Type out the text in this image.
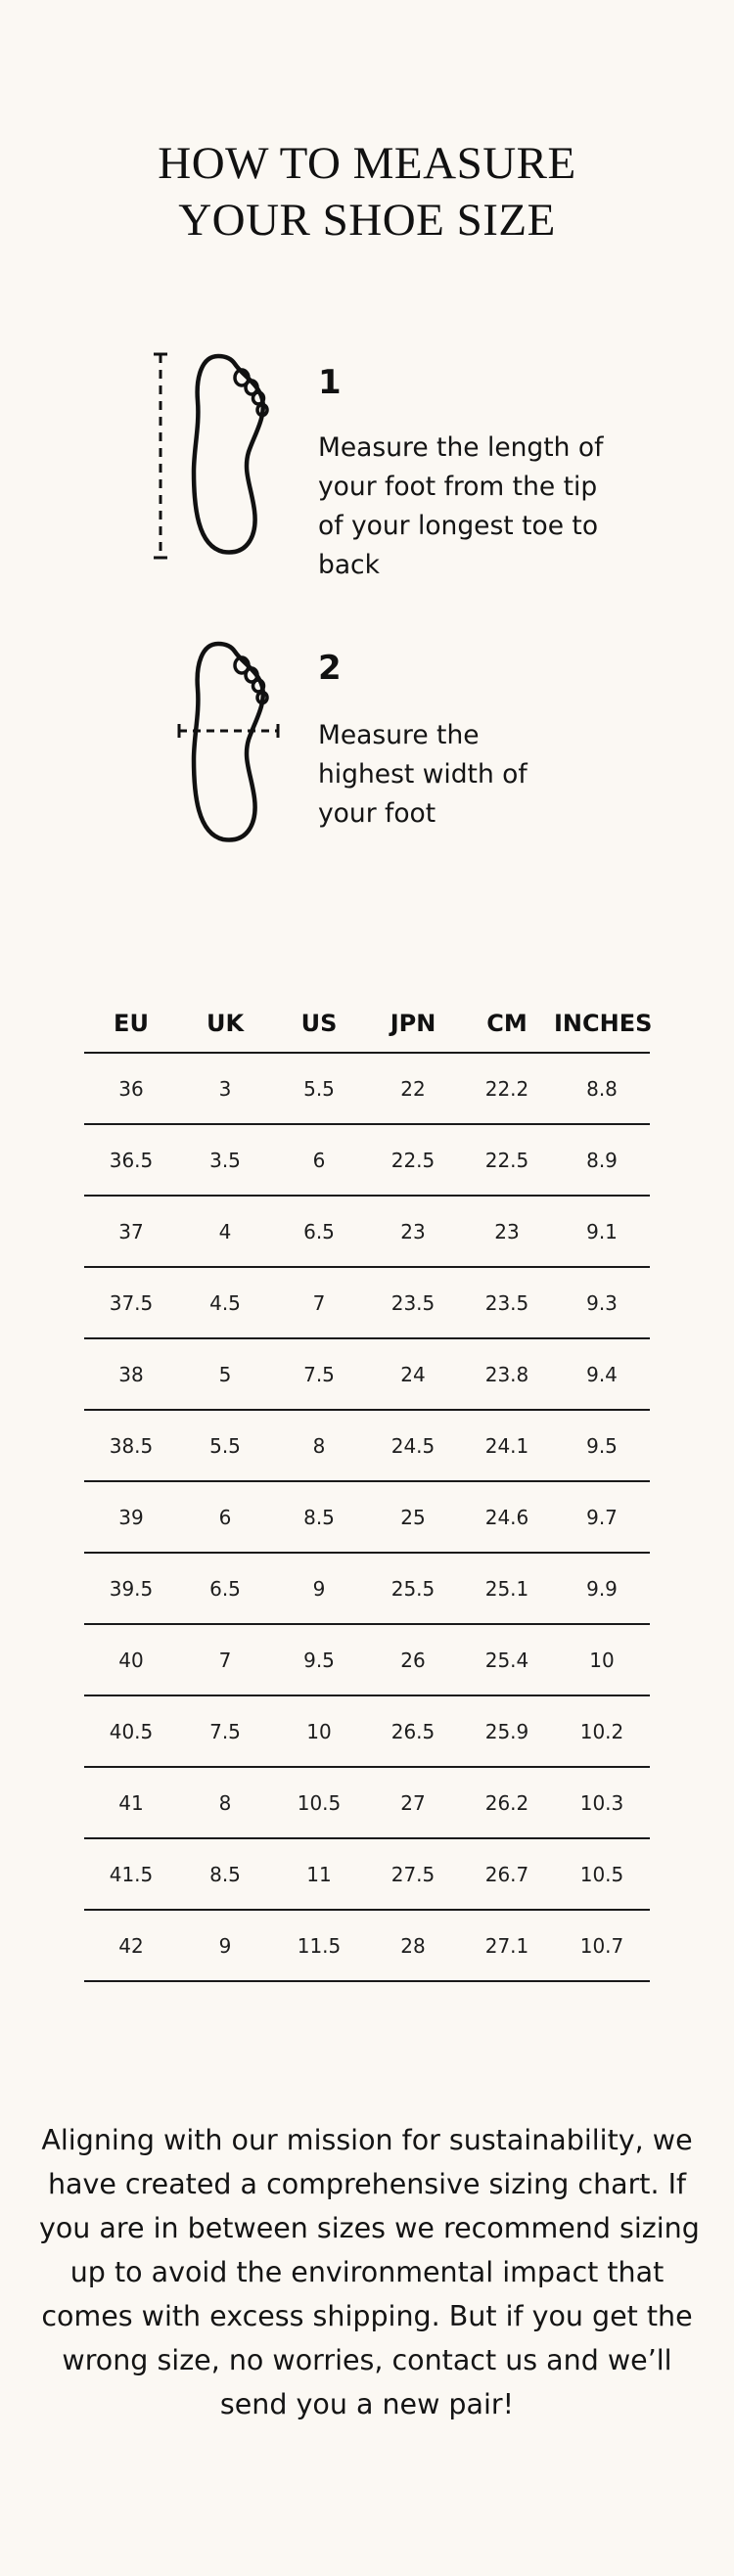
HOW TO MEASURE
YOUR SHOE SIZE
1
Measure the length of
your foot from the tip
of your longest toe to
back
2
Measure the
highest width of
your foot
EU	UK	US	JPN	CM	INCHES
36	3	5.5	22	22.2	8.8
36.5	3.5	6	22.5	22.5	8.9
37	4	6.5	23	23	9.1
37.5	4.5	7	23.5	23.5	9.3
38	5	7.5	24	23.8	9.4
38.5	5.5	8	24.5	24.1	9.5
39	6	8.5	25	24.6	9.7
39.5	6.5	9	25.5	25.1	9.9
40	7	9.5	26	25.4	10
40.5	7.5	10	26.5	25.9	10.2
41	8	10.5	27	26.2	10.3
41.5	8.5	11	27.5	26.7	10.5
42	9	11.5	28	27.1	10.7
Aligning with our mission for sustainability, we
have created a comprehensive sizing chart. If
you are in between sizes we recommend sizing
up to avoid the environmental impact that
comes with excess shipping. But if you get the
wrong size, no worries, contact us and we’ll
send you a new pair!
